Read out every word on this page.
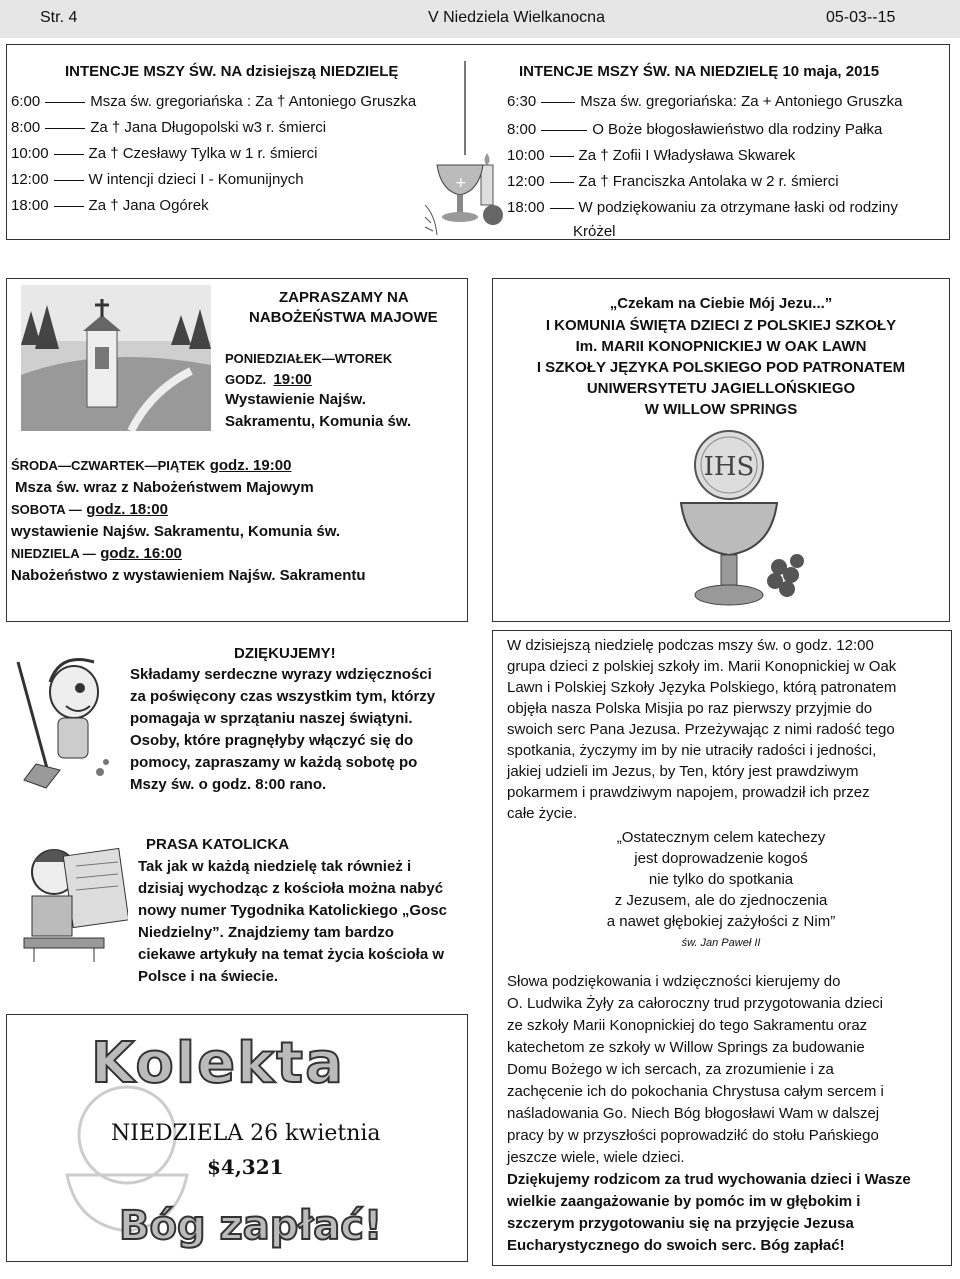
Str. 4	V Niedziela Wielkanocna	05-03--15
INTENCJE MSZY ŚW. NA dzisiejszą NIEDZIELĘ
6:00	Msza św. gregoriańska : Za † Antoniego Gruszka
8:00	Za † Jana Długopolski w3 r. śmierci
10:00	Za † Czesławy Tylka w 1 r. śmierci
12:00	W intencji dzieci I - Komunijnych
18:00	Za † Jana Ogórek
+
INTENCJE MSZY ŚW. NA NIEDZIELĘ 10 maja, 2015
6:30	Msza św. gregoriańska: Za + Antoniego Gruszka
8:00	O Boże błogosławieństwo dla rodziny Pałka
10:00 Za † Zofii I Władysława Skwarek
12:00 Za † Franciszka Antolaka w 2 r. śmierci
18:00 W podziękowaniu za otrzymane łaski od rodziny
Krόżel
ZAPRASZAMY NA
NABOŻEŃSTWA MAJOWE
PONIEDZIAŁEK—WTOREK
GODZ. 19:00
Wystawienie Najśw.
Sakramentu, Komunia św.
ŚRODA—CZWARTEK—PIĄTEK godz. 19:00
Msza św. wraz z Nabożeństwem Majowym
SOBOTA — godz. 18:00
wystawienie Najśw. Sakramentu, Komunia św.
NIEDZIELA — godz. 16:00
Nabożeństwo z wystawieniem Najśw. Sakramentu
„Czekam na Ciebie Mój Jezu...”
I KOMUNIA ŚWIĘTA DZIECI Z POLSKIEJ SZKOŁY
Im. MARII KONOPNICKIEJ W OAK LAWN
I SZKOŁY JĘZYKA POLSKIEGO POD PATRONATEM
UNIWERSYTETU JAGIELLOŃSKIEGO
W WILLOW SPRINGS
IHS
DZIĘKUJEMY!
Składamy serdeczne wyrazy wdzięczności
za poświęcony czas wszystkim tym, którzy
pomagaja w sprzątaniu naszej świątyni.
Osoby, które pragnęłyby włączyć się do
pomocy, zapraszamy w każdą sobotę po
Mszy św. o godz. 8:00 rano.
PRASA KATOLICKA
Tak jak w każdą niedzielę tak również i
dzisiaj wychodząc z kościoła można nabyć
nowy numer Tygodnika Katolickiego „Gosc
Niedzielny”. Znajdziemy tam bardzo
ciekawe artykuły na temat życia kościoła w
Polsce i na świecie.
Kolekta
NIEDZIELA 26 kwietnia
$4,321
Bóg zapłać!
W dzisiejszą niedzielę podczas mszy św. o godz. 12:00
grupa dzieci z polskiej szkoły im. Marii Konopnickiej w Oak
Lawn i Polskiej Szkoły Języka Polskiego, którą patronatem
objęła nasza Polska Misjia po raz pierwszy przyjmie do
swoich serc Pana Jezusa. Przeżywając z nimi radość tego
spotkania, życzymy im by nie utracił‌y radości i jedności,
jakiej udzieli im Jezus, by Ten, który jest prawdziwym
pokarmem i prawdziwym napojem, prowadził ich przez
całe życie.
„Ostatecznym celem katechezy
jest doprowadzenie kogoś
nie tylko do spotkania
z Jezusem, ale do zjednoczenia
a nawet głębokiej zażyłości z Nim”
św. Jan Paweł II
Słowa podziękowania i wdzięczności kierujemy do
O. Ludwika Żyły za całoroczny trud przygotowania dzieci
ze szkoły Marii Konopnickiej do tego Sakramentu oraz
katechetom ze szkoły w Willow Springs za budowanie
Domu Bożego w ich sercach, za zrozumienie i za
zachęcenie ich do pokochania Chrystusa całym sercem i
naśladowania Go. Niech Bóg błogosławi Wam w dalszej
pracy by w przyszłości poprowadziłć do stołu Pańskiego
jeszcze wiele, wiele dzieci.
Dziękujemy rodzicom za trud wychowania dzieci i Wasze
wielkie zaangażowanie by pomóc im w głębokim i
szczerym przygotowaniu się na przyjęcie Jezusa
Eucharystycznego do swoich serc. Bóg zapłać!
